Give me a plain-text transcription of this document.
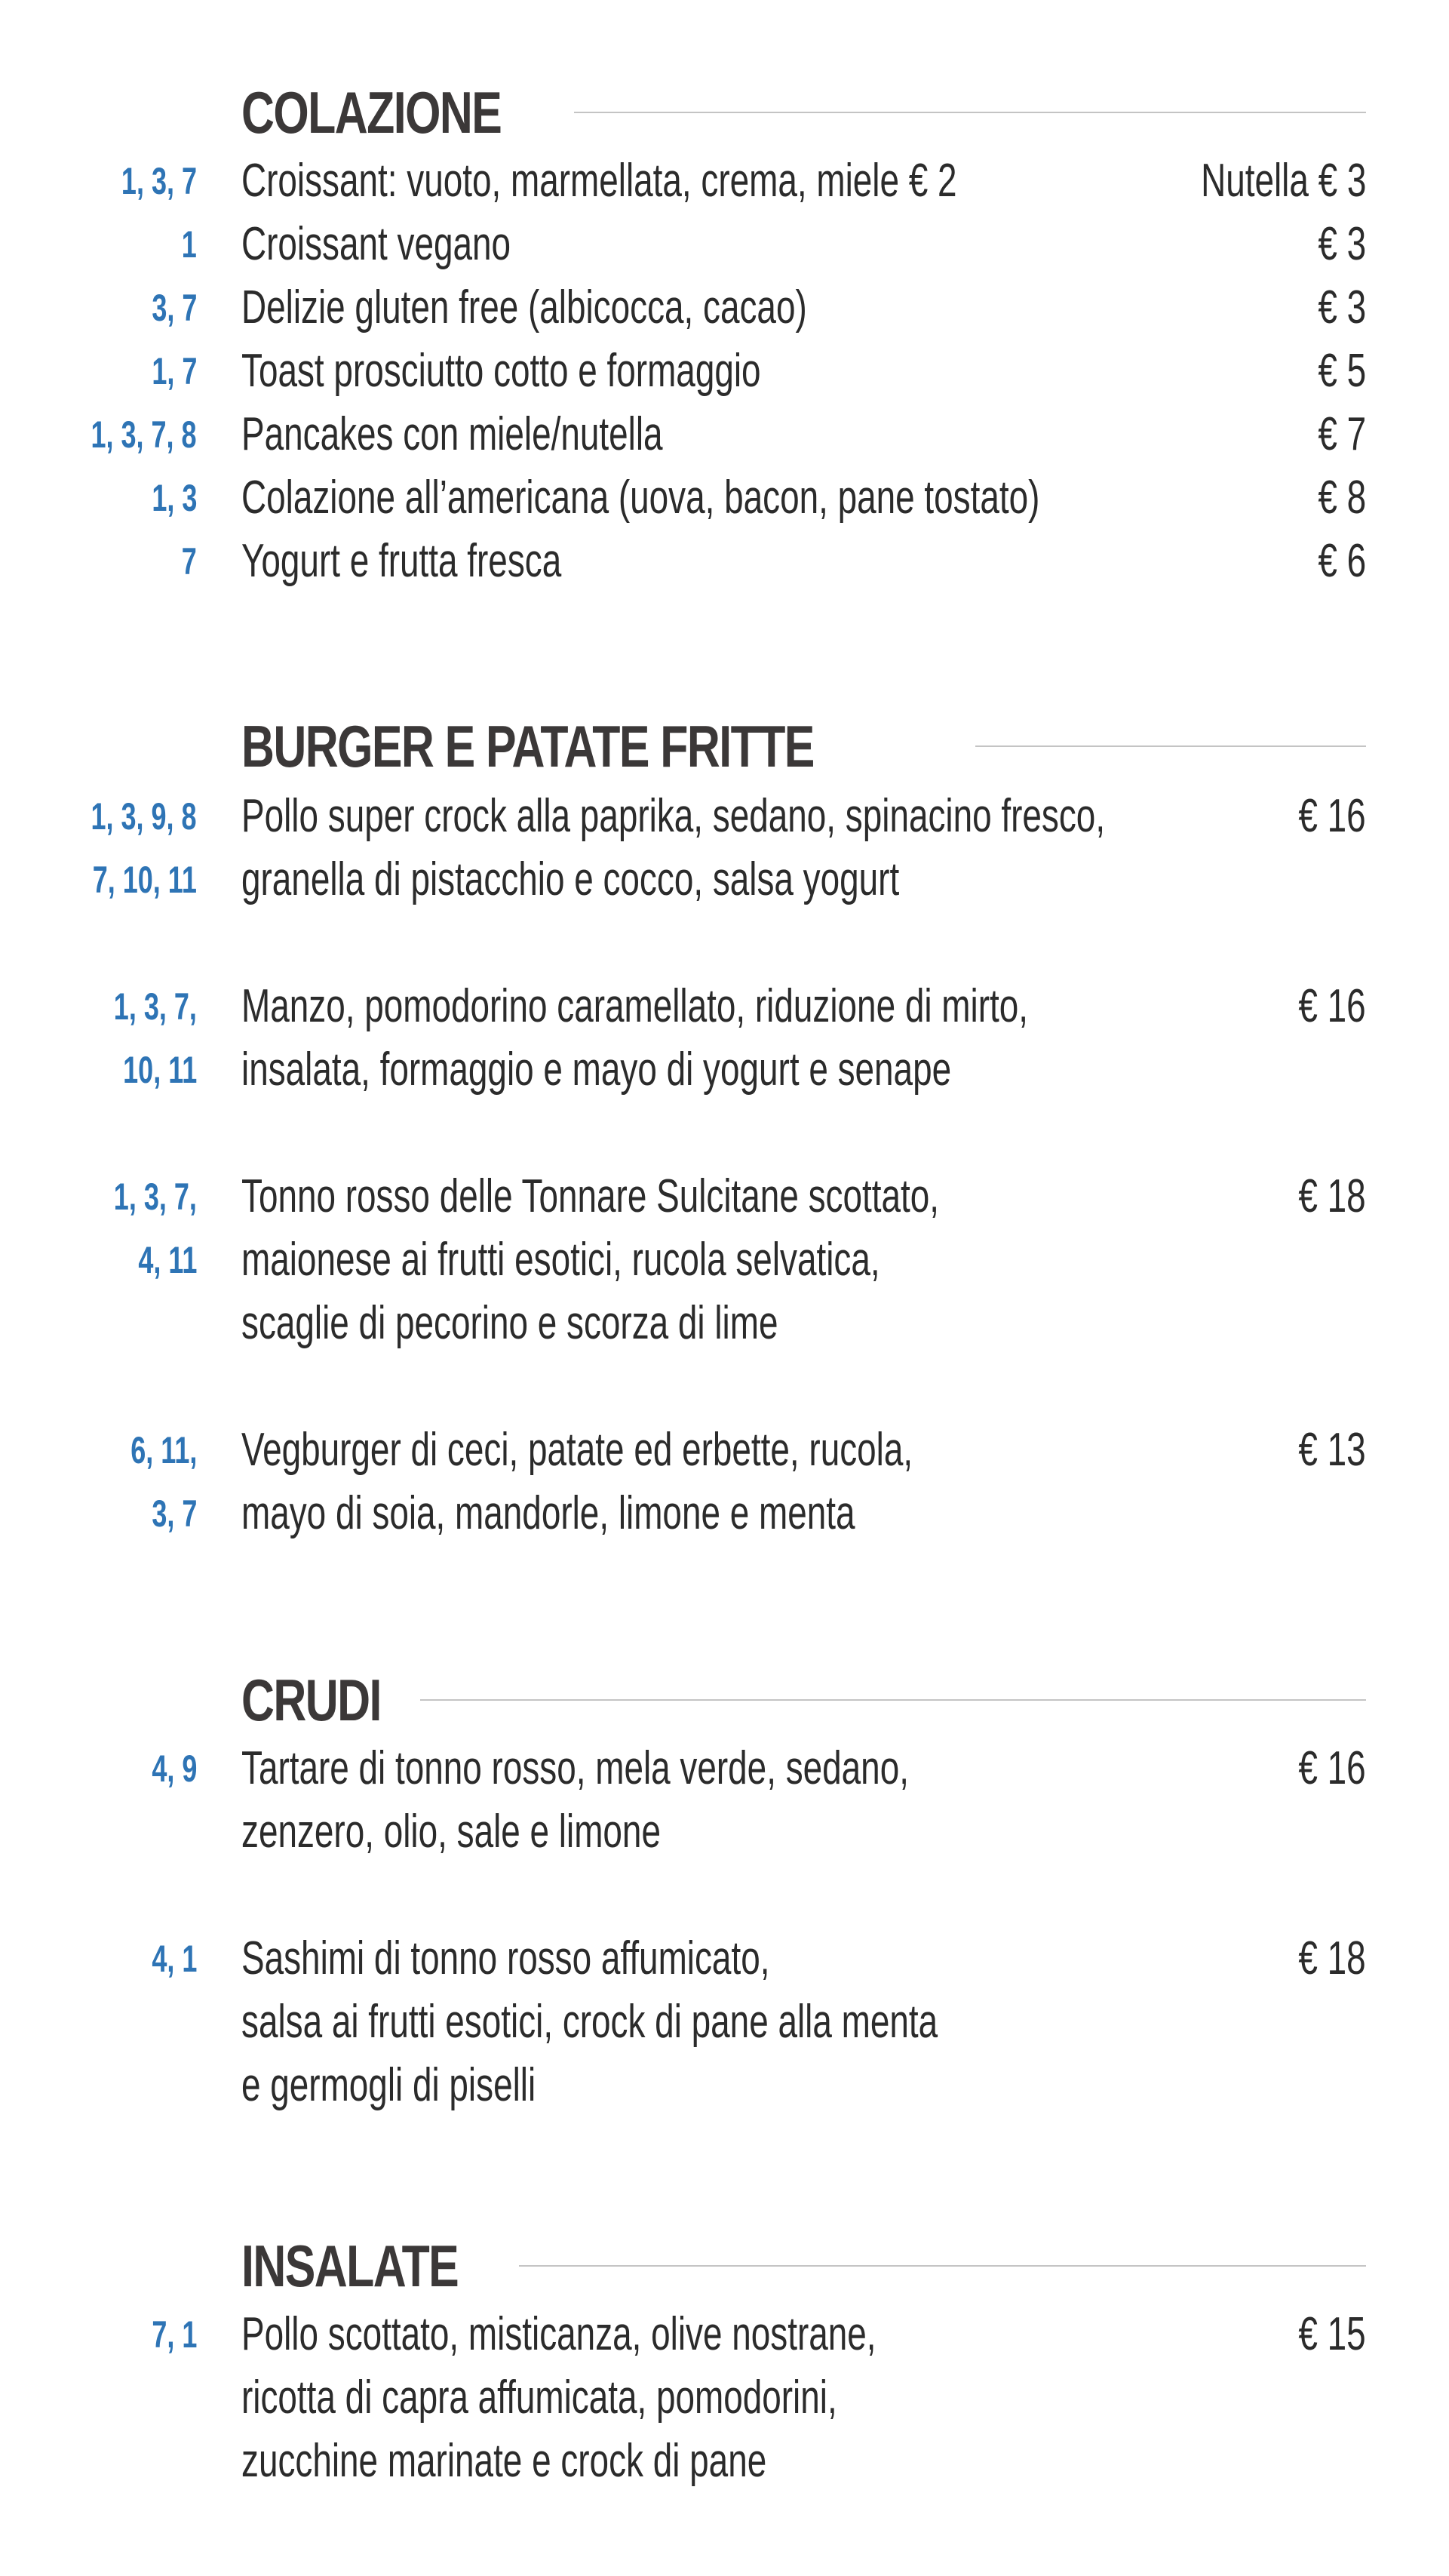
COLAZIONE
1, 3, 7 Croissant: vuoto, marmellata, crema, miele € 2	Nutella € 3
1 Croissant vegano	€ 3
3, 7 Delizie gluten free (albicocca, cacao)	€ 3
1, 7 Toast prosciutto cotto e formaggio	€ 5
1, 3, 7, 8 Pancakes con miele/nutella	€ 7
1, 3 Colazione all’americana (uova, bacon, pane tostato)	€ 8
7 Yogurt e frutta fresca	€ 6
BURGER E PATATE FRITTE
1, 3, 9, 8 Pollo super crock alla paprika, sedano, spinacino fresco,	€ 16
7, 10, 11 granella di pistacchio e cocco, salsa yogurt
1, 3, 7, Manzo, pomodorino caramellato, riduzione di mirto,	€ 16
10, 11 insalata, formaggio e mayo di yogurt e senape
1, 3, 7, Tonno rosso delle Tonnare Sulcitane scottato,	€ 18
4, 11 maionese ai frutti esotici, rucola selvatica,
scaglie di pecorino e scorza di lime
6, 11, Vegburger di ceci, patate ed erbette, rucola,	€ 13
3, 7 mayo di soia, mandorle, limone e menta
CRUDI
4, 9 Tartare di tonno rosso, mela verde, sedano,	€ 16
zenzero, olio, sale e limone
4, 1 Sashimi di tonno rosso affumicato,	€ 18
salsa ai frutti esotici, crock di pane alla menta
e germogli di piselli
INSALATE
7, 1 Pollo scottato, misticanza, olive nostrane,	€ 15
ricotta di capra affumicata, pomodorini,
zucchine marinate e crock di pane
